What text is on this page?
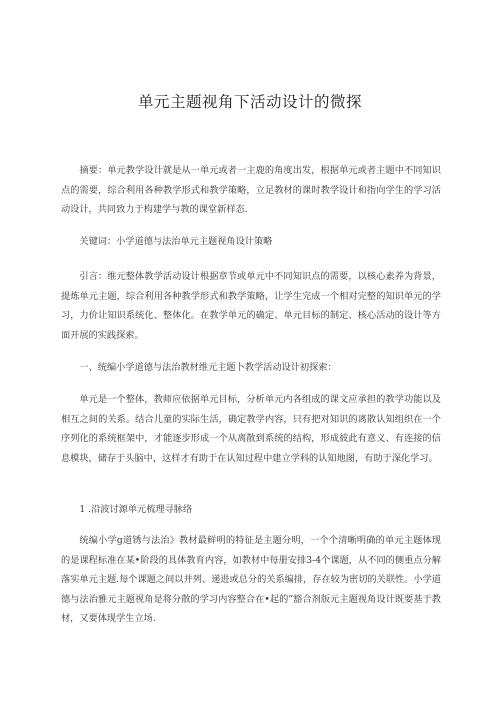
单元主题视角下活动设计的微探

摘要：单元教学设计就是从一单元或者一主鹿的角度出发，根据单元或者主题中不同知识点的需要，综合利用各种教学形式和教学策略，立足教材的课时教学设计和指向学生的学习活动设计，共同致力于构建学与教的课堂新样态.

关键词：小学道德与法治单元主题视角设计策略

引言：维元整体教学活动设计根据章节或单元中不同知识点的需要，以核心素养为背景，提炼单元主题，综合利用各种教学形式和教学策略，让学生完成一个相对完整的知识单元的学习，力价让知识系统化、整体化。在教学单元的确定、单元目标的制定、核心活动的设计等方面开展的实践探索。

一、统编小学道德与法治教材维元主题卜教学活动设计初探索：

单元是一个整体，教师应依据单元目标，分析单元内各组成的课文应承担的教学功能以及相互之间的关系。结合儿童的实际生活，确定教学内容，只有把对知识的离散认知组织在一个序列化的系统框架中，才能逐步形成一个从离散到系统的结构，形成彼此有意义、有连接的信息模块，储存于头脑中，这样才有助于在认知过程中建立学科的认知地图，有助于深化学习。

1 .沿波讨源单元梳理寻脉络

统编小学g道锈与法治》教材最鲜明的特征是主题分明，一个个清晰明确的单元主题体现的是课程标准在某•阶段的具体教育内容，如教材中每册安排3-4个课题，从不同的侧重点分解落实单元主题.每个课题之间以并列、递进或总分的关系编排，存在较为密切的关联性。小学道德与法治雅元主题视角是将分散的学习内容整合在•起的”豁合剂版元主题视角设计既要基于教材，又要体现学生立场.
